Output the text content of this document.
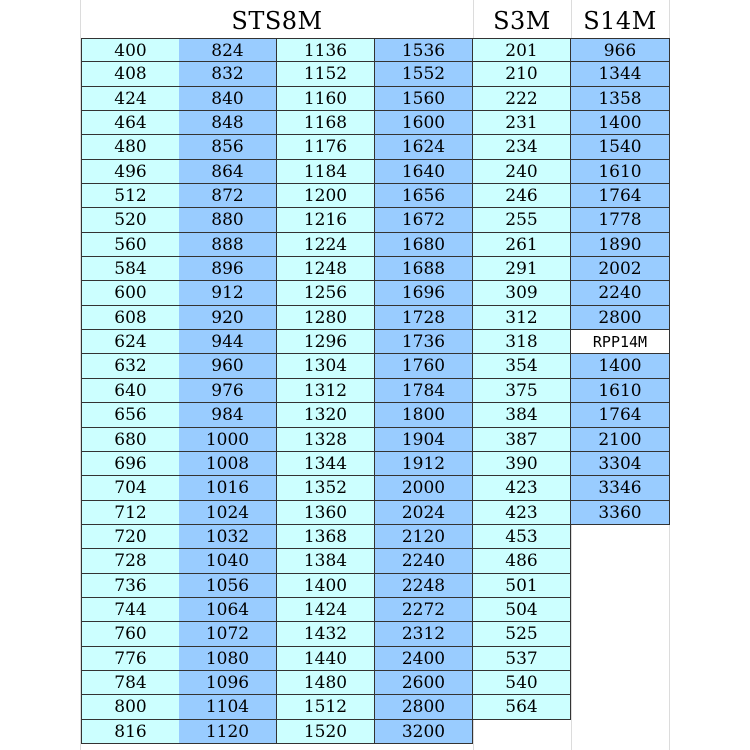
STS8M	S3M	S14M
400
408
424
464
480
496
512
520
560
584
600
608
624
632
640
656
680
696
704
712
720
728
736
744
760
776
784
800
816
824
832
840
848
856
864
872
880
888
896
912
920
944
960
976
984
1000
1008
1016
1024
1032
1040
1056
1064
1072
1080
1096
1104
1120
1136
1152
1160
1168
1176
1184
1200
1216
1224
1248
1256
1280
1296
1304
1312
1320
1328
1344
1352
1360
1368
1384
1400
1424
1432
1440
1480
1512
1520
1536
1552
1560
1600
1624
1640
1656
1672
1680
1688
1696
1728
1736
1760
1784
1800
1904
1912
2000
2024
2120
2240
2248
2272
2312
2400
2600
2800
3200
201
210
222
231
234
240
246
255
261
291
309
312
318
354
375
384
387
390
423
423
453
486
501
504
525
537
540
564
966
1344
1358
1400
1540
1610
1764
1778
1890
2002
2240
2800
RPP14M
1400
1610
1764
2100
3304
3346
3360
